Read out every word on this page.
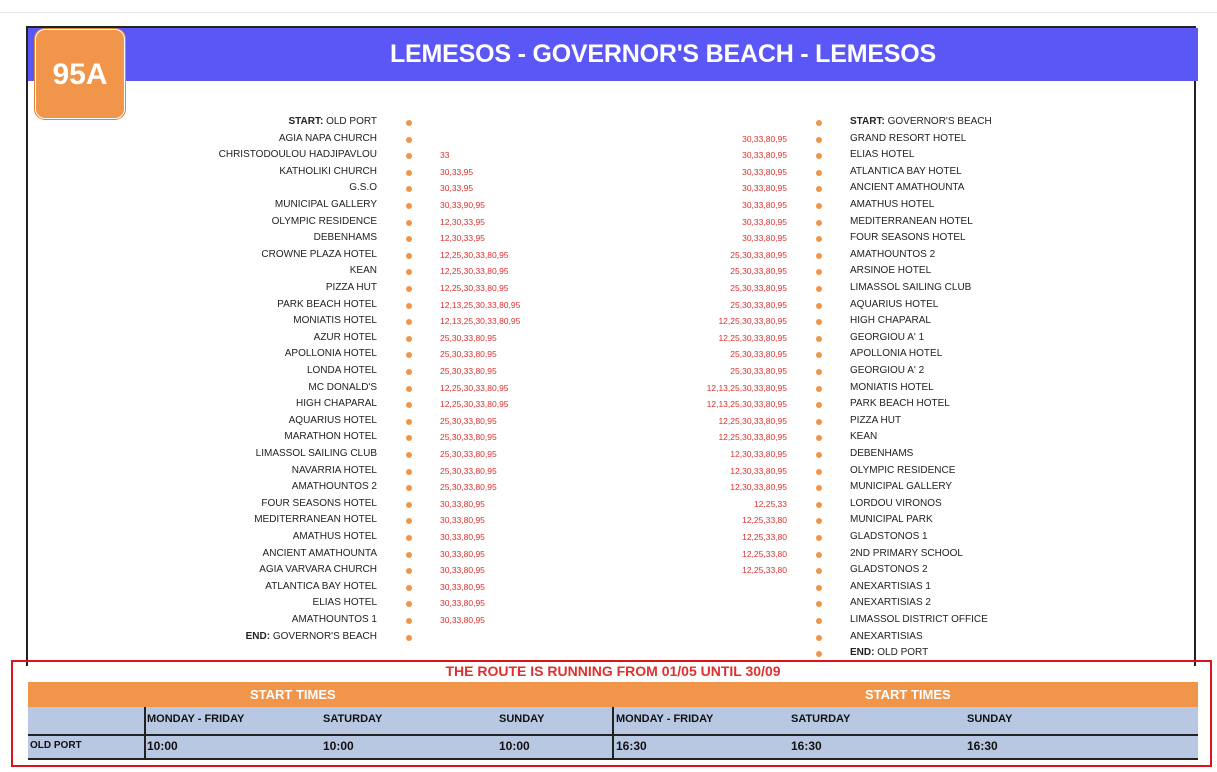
LEMESOS - GOVERNOR'S BEACH - LEMESOS
95A
START: OLD PORT
AGIA NAPA CHURCH
CHRISTODOULOU HADJIPAVLOU	33
KATHOLIKI CHURCH	30,33,95
G.S.O	30,33,95
MUNICIPAL GALLERY	30,33,90,95
OLYMPIC RESIDENCE	12,30,33,95
DEBENHAMS	12,30,33,95
CROWNE PLAZA HOTEL	12,25,30,33,80,95
KEAN	12,25,30,33,80,95
PIZZA HUT	12,25,30,33,80,95
PARK BEACH HOTEL	12,13,25,30,33,80,95
MONIATIS HOTEL	12,13,25,30,33,80,95
AZUR HOTEL	25,30,33,80,95
APOLLONIA HOTEL	25,30,33,80,95
LONDA HOTEL	25,30,33,80,95
MC DONALD'S	12,25,30,33,80,95
HIGH CHAPARAL	12,25,30,33,80,95
AQUARIUS HOTEL	25,30,33,80,95
MARATHON HOTEL	25,30,33,80,95
LIMASSOL SAILING CLUB	25,30,33,80,95
NAVARRIA HOTEL	25,30,33,80,95
AMATHOUNTOS 2	25,30,33,80,95
FOUR SEASONS HOTEL	30,33,80,95
MEDITERRANEAN HOTEL	30,33,80,95
AMATHUS HOTEL	30,33,80,95
ANCIENT AMATHOUNTA	30,33,80,95
AGIA VARVARA CHURCH	30,33,80,95
ATLANTICA BAY HOTEL	30,33,80,95
ELIAS HOTEL	30,33,80,95
AMATHOUNTOS 1	30,33,80,95
END: GOVERNOR'S BEACH
START: GOVERNOR'S BEACH
30,33,80,95	GRAND RESORT HOTEL
30,33,80,95	ELIAS HOTEL
30,33,80,95	ATLANTICA BAY HOTEL
30,33,80,95	ANCIENT AMATHOUNTA
30,33,80,95	AMATHUS HOTEL
30,33,80,95	MEDITERRANEAN HOTEL
30,33,80,95	FOUR SEASONS HOTEL
25,30,33,80,95	AMATHOUNTOS 2
25,30,33,80,95	ARSINOE HOTEL
25,30,33,80,95	LIMASSOL SAILING CLUB
25,30,33,80,95	AQUARIUS HOTEL
12,25,30,33,80,95	HIGH CHAPARAL
12,25,30,33,80,95	GEORGIOU A' 1
25,30,33,80,95	APOLLONIA HOTEL
25,30,33,80,95	GEORGIOU A' 2
12,13,25,30,33,80,95	MONIATIS HOTEL
12,13,25,30,33,80,95	PARK BEACH HOTEL
12,25,30,33,80,95	PIZZA HUT
12,25,30,33,80,95	KEAN
12,30,33,80,95	DEBENHAMS
12,30,33,80,95	OLYMPIC RESIDENCE
12,30,33,80,95	MUNICIPAL GALLERY
12,25,33	LORDOU VIRONOS
12,25,33,80	MUNICIPAL PARK
12,25,33,80	GLADSTONOS 1
12,25,33,80	2ND PRIMARY SCHOOL
12,25,33,80	GLADSTONOS 2
ANEXARTISIAS 1
ANEXARTISIAS 2
LIMASSOL DISTRICT OFFICE
ANEXARTISIAS
END: OLD PORT
THE ROUTE IS RUNNING FROM 01/05 UNTIL 30/09
START TIMES	START TIMES
MONDAY - FRIDAY	SATURDAY	SUNDAY	MONDAY - FRIDAY	SATURDAY	SUNDAY
OLD PORT	10:00	10:00	10:00	16:30	16:30	16:30
